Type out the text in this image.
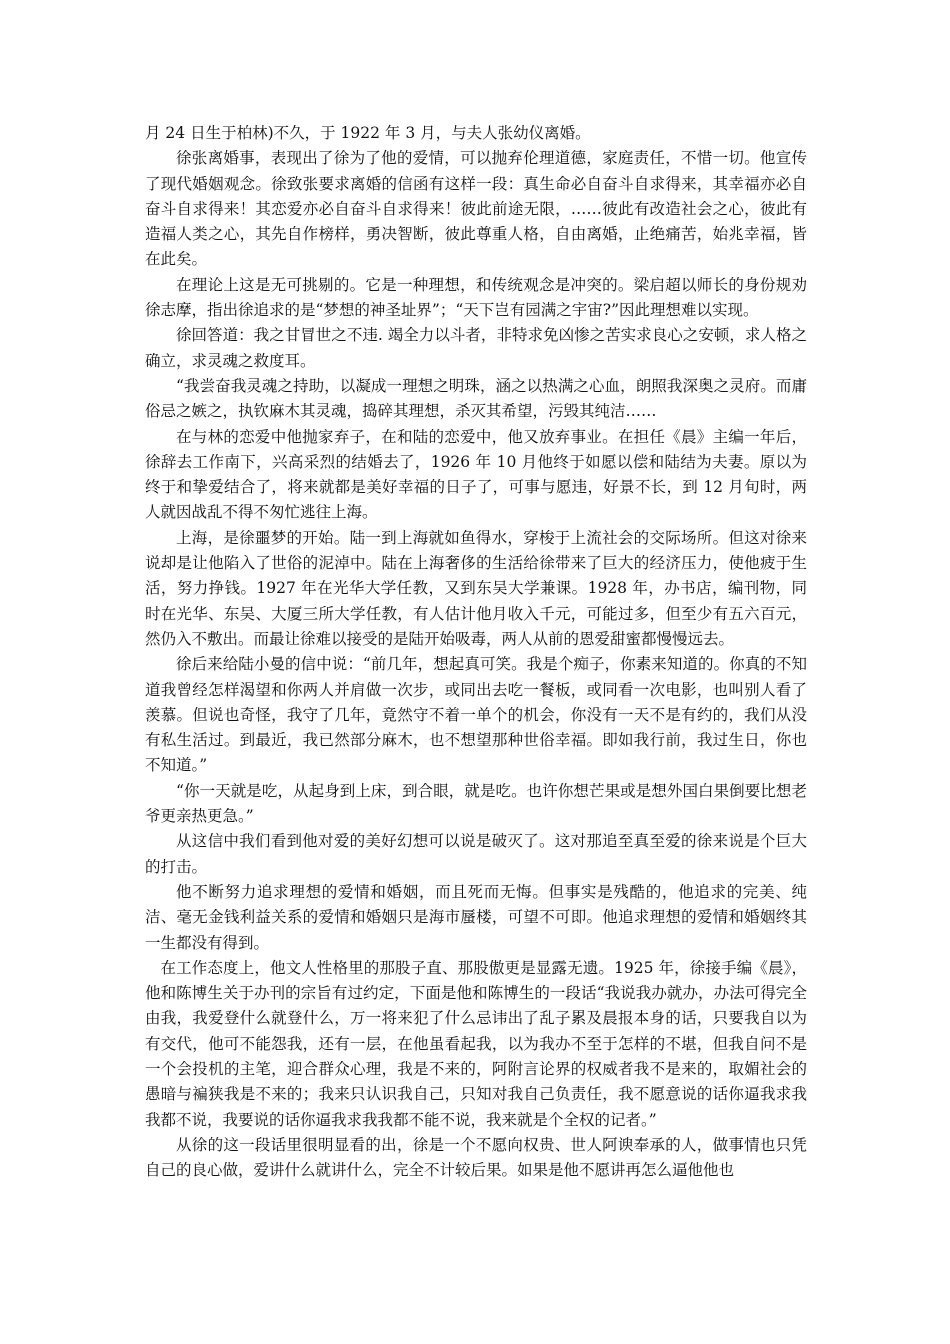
月 24 日生于柏林)不久，于 1922 年 3 月，与夫人张幼仪离婚。

徐张离婚事，表现出了徐为了他的爱情，可以抛弃伦理道德，家庭责任，不惜一切。他宣传了现代婚姻观念。徐致张要求离婚的信函有这样一段：真生命必自奋斗自求得来，其幸福亦必自奋斗自求得来！其恋爱亦必自奋斗自求得来！彼此前途无限，……彼此有改造社会之心，彼此有造福人类之心，其先自作榜样，勇决智断，彼此尊重人格，自由离婚，止绝痛苦，始兆幸福，皆在此矣。

在理论上这是无可挑剔的。它是一种理想，和传统观念是冲突的。梁启超以师长的身份规劝徐志摩，指出徐追求的是“梦想的神圣址界”；“天下岂有园满之宇宙?”因此理想难以实现。

徐回答道：我之甘冒世之不违. 竭全力以斗者，非特求免凶惨之苦实求良心之安顿，求人格之确立，求灵魂之救度耳。

“我尝奋我灵魂之持助，以凝成一理想之明珠，涵之以热满之心血，朗照我深奥之灵府。而庸俗忌之嫉之，执钦麻木其灵魂，捣碎其理想，杀灭其希望，污毁其纯洁……

在与林的恋爱中他抛家弃子，在和陆的恋爱中，他又放弃事业。在担任《晨》主编一年后，徐辞去工作南下，兴高采烈的结婚去了，1926 年 10 月他终于如愿以偿和陆结为夫妻。原以为终于和挚爱结合了，将来就都是美好幸福的日子了，可事与愿违，好景不长，到 12 月旬时，两人就因战乱不得不匆忙逃往上海。

上海，是徐噩梦的开始。陆一到上海就如鱼得水，穿梭于上流社会的交际场所。但这对徐来说却是让他陷入了世俗的泥淖中。陆在上海奢侈的生活给徐带来了巨大的经济压力，使他疲于生活，努力挣钱。1927 年在光华大学任教，又到东吴大学兼课。1928 年，办书店，编刊物，同时在光华、东吴、大厦三所大学任教，有人估计他月收入千元，可能过多，但至少有五六百元，然仍入不敷出。而最让徐难以接受的是陆开始吸毒，两人从前的恩爱甜蜜都慢慢远去。

徐后来给陆小曼的信中说：“前几年，想起真可笑。我是个痴子，你素来知道的。你真的不知道我曾经怎样渴望和你两人并肩做一次步，或同出去吃一餐板，或同看一次电影，也叫别人看了羡慕。但说也奇怪，我守了几年，竟然守不着一单个的机会，你没有一天不是有约的，我们从没有私生活过。到最近，我已然部分麻木，也不想望那种世俗幸福。即如我行前，我过生日，你也不知道。”

“你一天就是吃，从起身到上床，到合眼，就是吃。也许你想芒果或是想外国白果倒要比想老爷更亲热更急。”

从这信中我们看到他对爱的美好幻想可以说是破灭了。这对那追至真至爱的徐来说是个巨大的打击。

他不断努力追求理想的爱情和婚姻，而且死而无悔。但事实是残酷的，他追求的完美、纯洁、毫无金钱利益关系的爱情和婚姻只是海市蜃楼，可望不可即。他追求理想的爱情和婚姻终其一生都没有得到。

在工作态度上，他文人性格里的那股子直、那股傲更是显露无遗。1925 年，徐接手编《晨》，他和陈博生关于办刊的宗旨有过约定，下面是他和陈博生的一段话“我说我办就办，办法可得完全由我，我爱登什么就登什么，万一将来犯了什么忌讳出了乱子累及晨报本身的话，只要我自以为有交代，他可不能怨我，还有一层，在他虽看起我，以为我办不至于怎样的不堪，但我自问不是一个会投机的主笔，迎合群众心理，我是不来的，阿附言论界的权威者我不是来的，取媚社会的愚暗与褊狭我是不来的；我来只认识我自己，只知对我自己负责任，我不愿意说的话你逼我求我我都不说，我要说的话你逼我求我我都不能不说，我来就是个全权的记者。”

从徐的这一段话里很明显看的出，徐是一个不愿向权贵、世人阿谀奉承的人，做事情也只凭自己的良心做，爱讲什么就讲什么，完全不计较后果。如果是他不愿讲再怎么逼他他也
